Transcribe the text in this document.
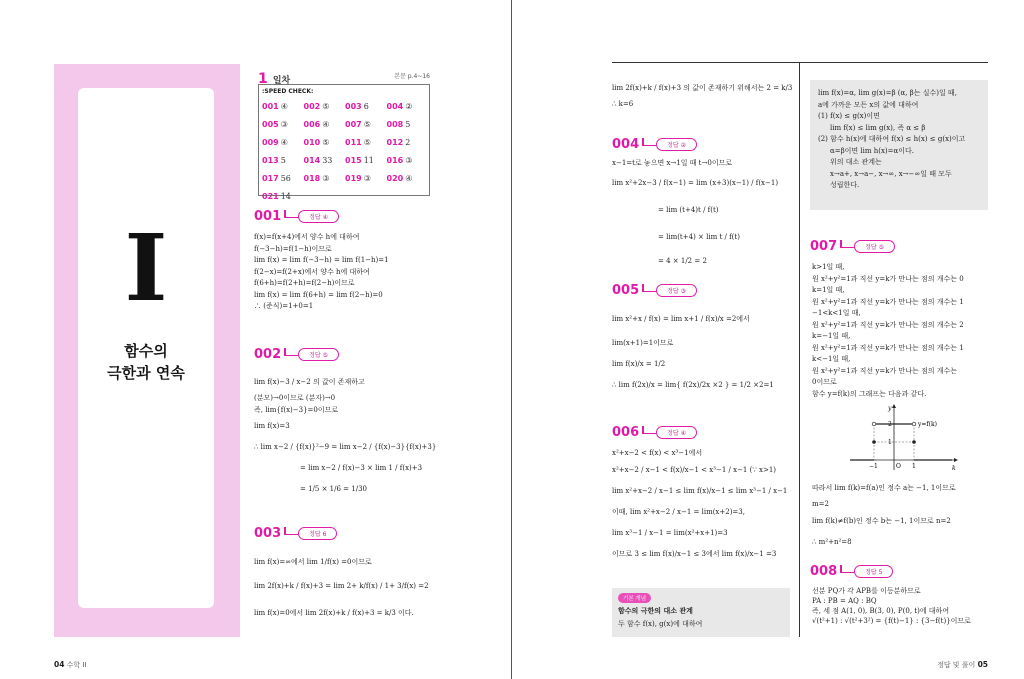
I
함수의
극한과 연속
1 일차	본문 p.4~16
:SPEED CHECK:
001 ④	002 ⑤	003 6	004 ②
005 ③	006 ④	007 ⑤	008 5
009 ④	010 ⑤	011 ⑤	012 2
013 5	014 33	015 11	016 ③
017 56	018 ③	019 ③	020 ④
021 14
001	정답 ④
f(x)=f(x+4)에서 양수 h에 대하여
f(−3−h)=f(1−h)이므로
lim f(x) = lim f(−3−h) = lim f(1−h)=1
f(2−x)=f(2+x)에서 양수 h에 대하여
f(6+h)=f(2+h)=f(2−h)이므로
lim f(x) = lim f(6+h) = lim f(2−h)=0
∴ (준식)=1+0=1
002	정답 ⑤
lim f(x)−3 / x−2 의 값이 존재하고
(분모)→0이므로 (분자)→0
즉, lim{f(x)−3}=0이므로
lim f(x)=3
∴ lim x−2 / {f(x)}²−9 = lim x−2 / {f(x)−3}{f(x)+3}
= lim x−2 / f(x)−3 × lim 1 / f(x)+3
= 1/5 × 1/6 = 1/30
003	정답 6
lim f(x)=∞에서 lim 1/f(x) =0이므로
lim 2f(x)+k / f(x)+3 = lim 2+ k/f(x) / 1+ 3/f(x) =2
lim f(x)=0에서 lim 2f(x)+k / f(x)+3 = k/3 이다.
lim 2f(x)+k / f(x)+3 의 값이 존재하기 위해서는 2 = k/3
∴ k=6
004	정답 ②
x−1=t로 놓으면 x→1일 때 t→0이므로
lim x²+2x−3 / f(x−1) = lim (x+3)(x−1) / f(x−1)
= lim (t+4)t / f(t)
= lim(t+4) × lim t / f(t)
= 4 × 1/2 = 2
005	정답 ③
lim x²+x / f(x) = lim x+1 / f(x)/x =2에서
lim(x+1)=1이므로
lim f(x)/x = 1/2
∴ lim f(2x)/x = lim{ f(2x)/2x ×2 } = 1/2 ×2=1
006	정답 ④
x²+x−2 < f(x) < x³−1에서
x²+x−2 / x−1 < f(x)/x−1 < x³−1 / x−1 (∵ x>1)
lim x²+x−2 / x−1 ≤ lim f(x)/x−1 ≤ lim x³−1 / x−1
이때, lim x²+x−2 / x−1 = lim(x+2)=3,
lim x³−1 / x−1 = lim(x²+x+1)=3
이므로 3 ≤ lim f(x)/x−1 ≤ 3에서 lim f(x)/x−1 =3
기본 개념
함수의 극한의 대소 관계
두 함수 f(x), g(x)에 대하여
lim f(x)=α, lim g(x)=β (α, β는 실수)일 때,
a에 가까운 모든 x의 값에 대하여
(1) f(x) ≤ g(x)이면
lim f(x) ≤ lim g(x), 즉 α ≤ β
(2) 함수 h(x)에 대하여 f(x) ≤ h(x) ≤ g(x)이고
α=β이면 lim h(x)=α이다.
위의 대소 관계는
x→a+, x→a−, x→∞, x→−∞일 때 모두
성립한다.
007	정답 ⑤
k>1일 때,
원 x²+y²=1과 직선 y=k가 만나는 점의 개수는 0
k=1일 때,
원 x²+y²=1과 직선 y=k가 만나는 점의 개수는 1
−1<k<1일 때,
원 x²+y²=1과 직선 y=k가 만나는 점의 개수는 2
k=−1일 때,
원 x²+y²=1과 직선 y=k가 만나는 점의 개수는 1
k<−1일 때,
원 x²+y²=1과 직선 y=k가 만나는 점의 개수는
0이므로
함수 y=f(k)의 그래프는 다음과 같다.
y
k
y=f(k)
2
1
−1	O 1
따라서 lim f(k)=f(a)인 정수 a는 −1, 1이므로
m=2
lim f(k)≠f(b)인 정수 b는 −1, 1이므로 n=2
∴ m²+n²=8
008	정답 5
선분 PQ가 각 APB를 이등분하므로
PA : PB = AQ : BQ
즉, 세 점 A(1, 0), B(3, 0), P(0, t)에 대하여
√(t²+1) : √(t²+3²) = {f(t)−1} : {3−f(t)}이므로
04 수학 II	정답 및 풀이 05
